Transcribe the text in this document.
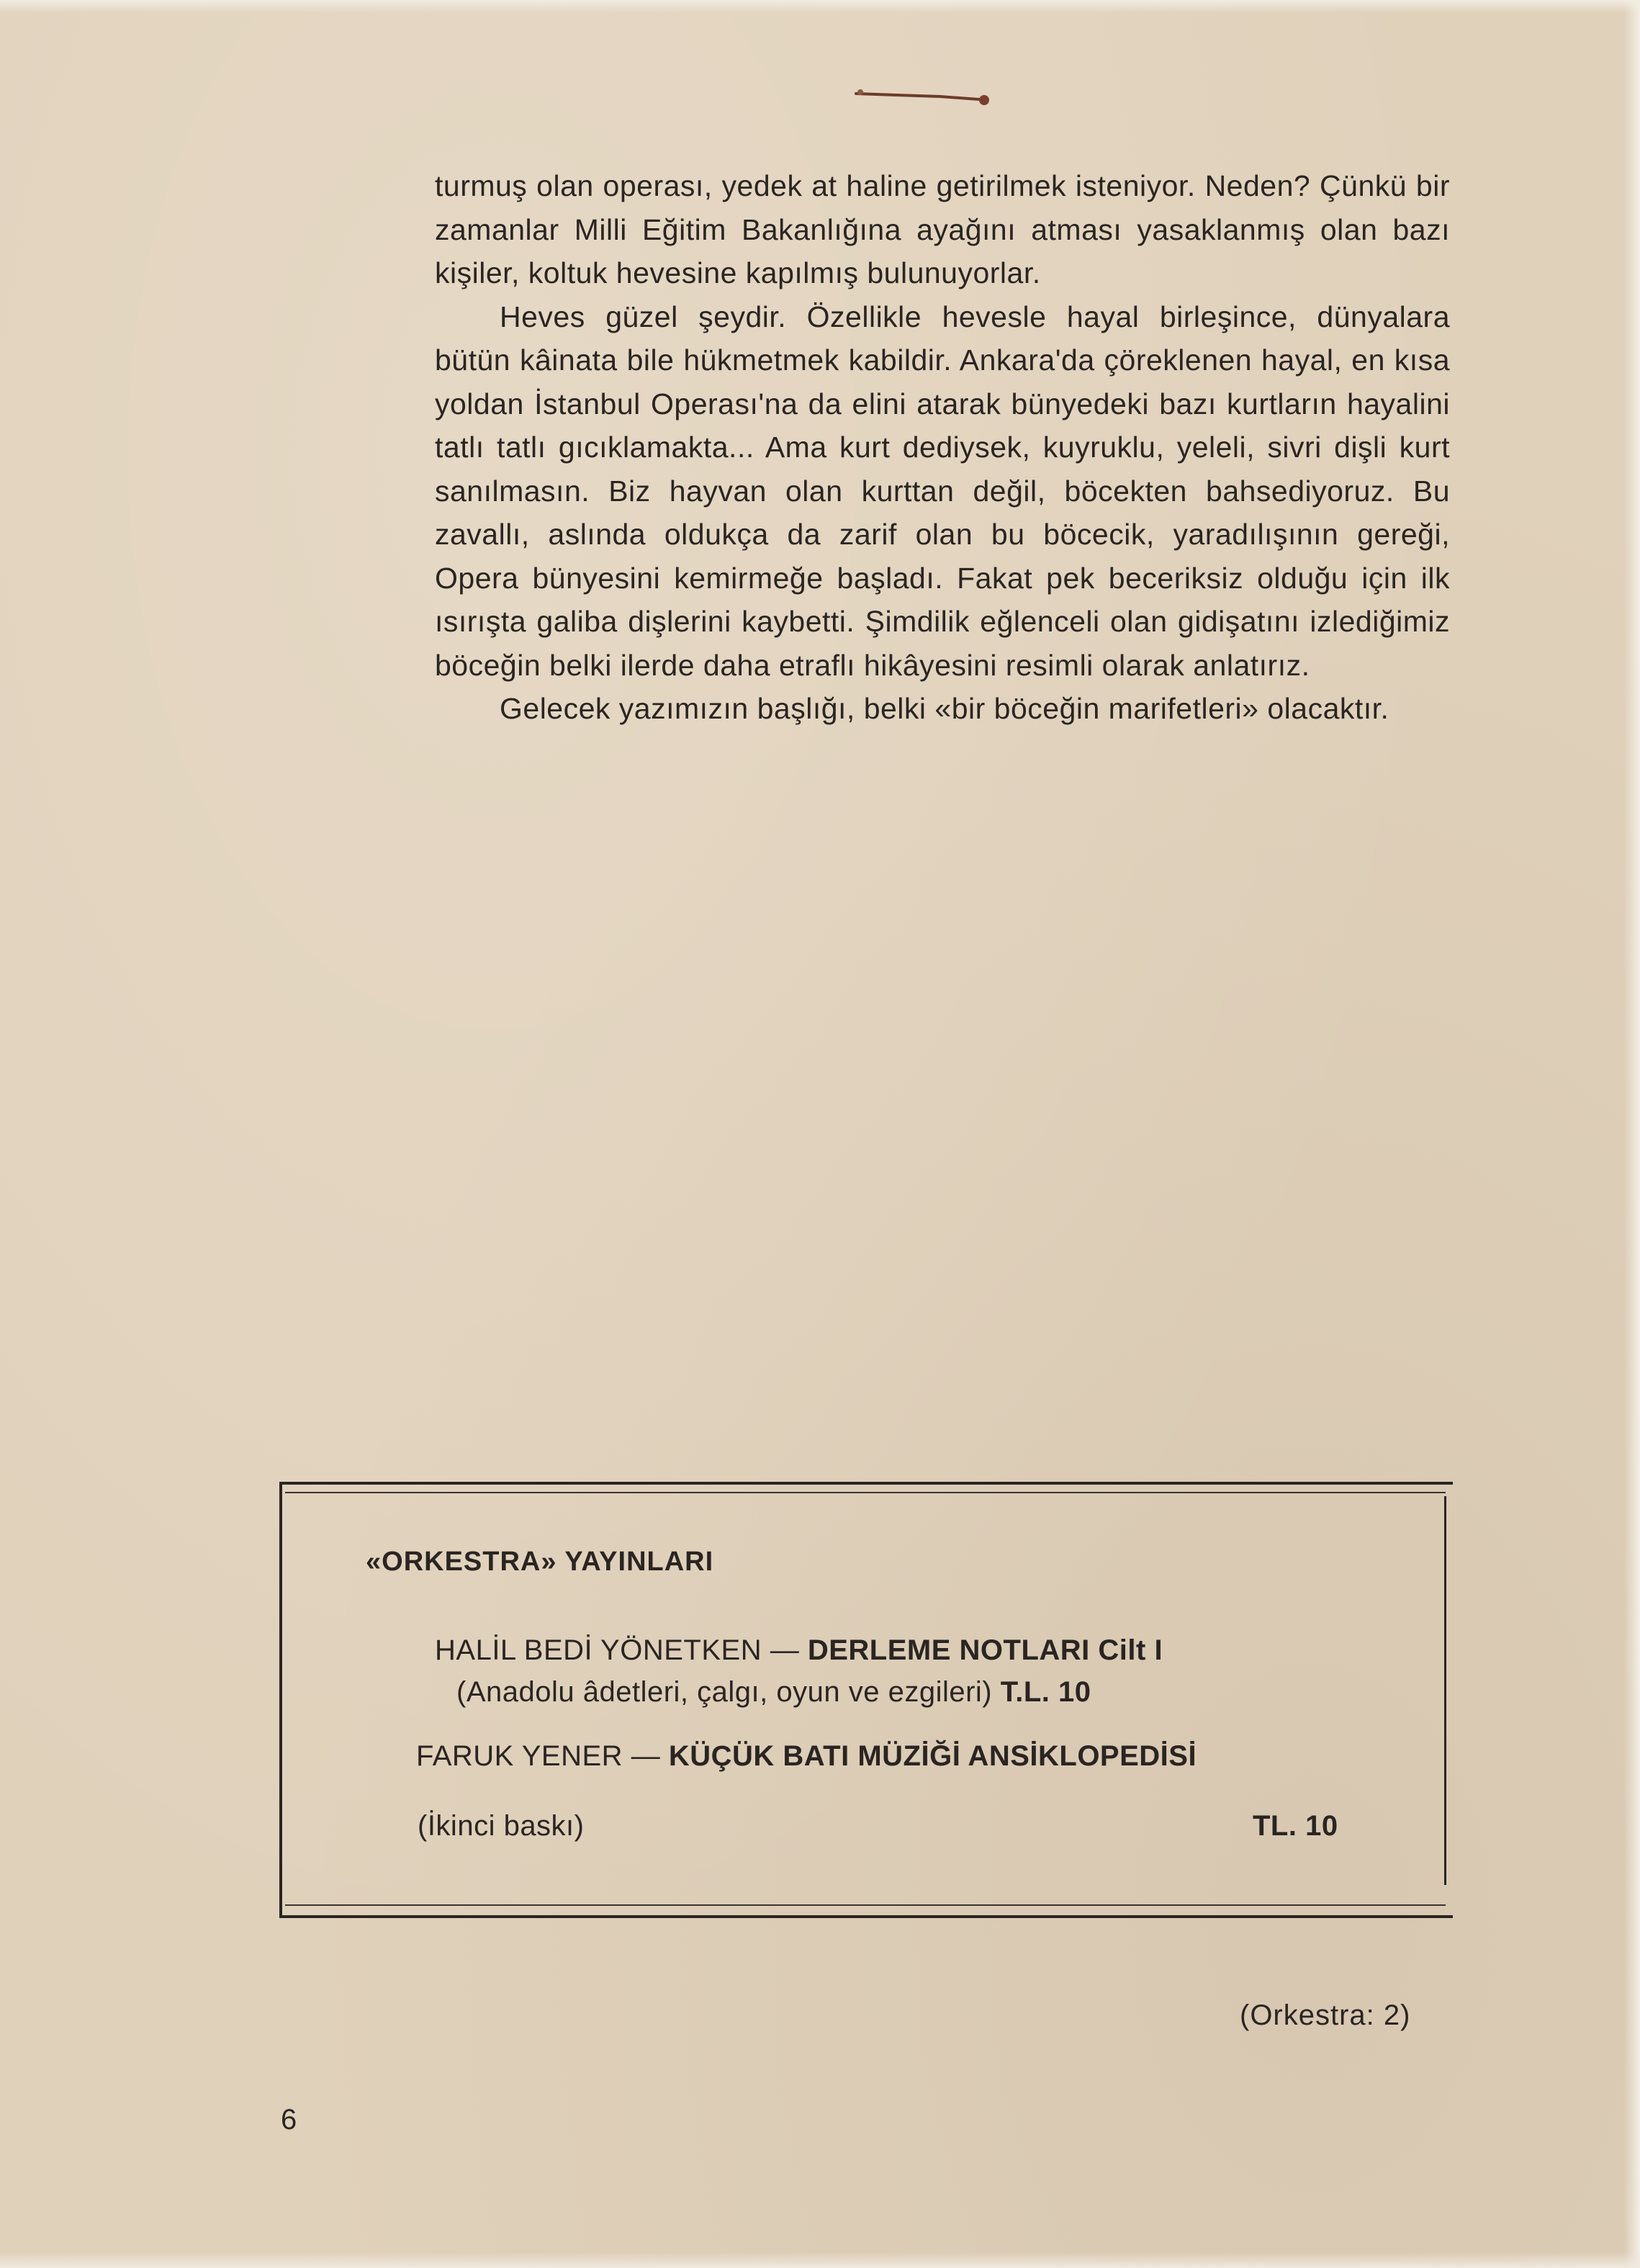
turmuş olan operası, yedek at haline getirilmek isteniyor. Neden? Çünkü bir zamanlar Milli Eğitim Bakanlığına ayağını atması yasaklanmış olan bazı kişiler, koltuk hevesine kapılmış bulunuyorlar.

Heves güzel şeydir. Özellikle hevesle hayal birleşince, dünyalara bütün kâinata bile hükmetmek kabildir. Ankara'da çöreklenen hayal, en kısa yoldan İstanbul Operası'na da elini atarak bünyedeki bazı kurtların hayalini tatlı tatlı gıcıklamakta... Ama kurt dediysek, kuyruklu, yeleli, sivri dişli kurt sanılmasın. Biz hayvan olan kurttan değil, böcekten bahsediyoruz. Bu zavallı, aslında oldukça da zarif olan bu böcecik, yaradılışının gereği, Opera bünyesini kemirmeğe başladı. Fakat pek beceriksiz olduğu için ilk ısırışta galiba dişlerini kaybetti. Şimdilik eğlenceli olan gidişatını izlediğimiz böceğin belki ilerde daha etraflı hikâyesini resimli olarak anlatırız.

Gelecek yazımızın başlığı, belki «bir böceğin marifetleri» olacaktır.

«ORKESTRA» YAYINLARI
HALİL BEDİ YÖNETKEN — DERLEME NOTLARI Cilt I
(Anadolu âdetleri, çalgı, oyun ve ezgileri) T.L. 10
FARUK YENER — KÜÇÜK BATI MÜZİĞİ ANSİKLOPEDİSİ
(İkinci baskı)	TL. 10
(Orkestra: 2)
6
